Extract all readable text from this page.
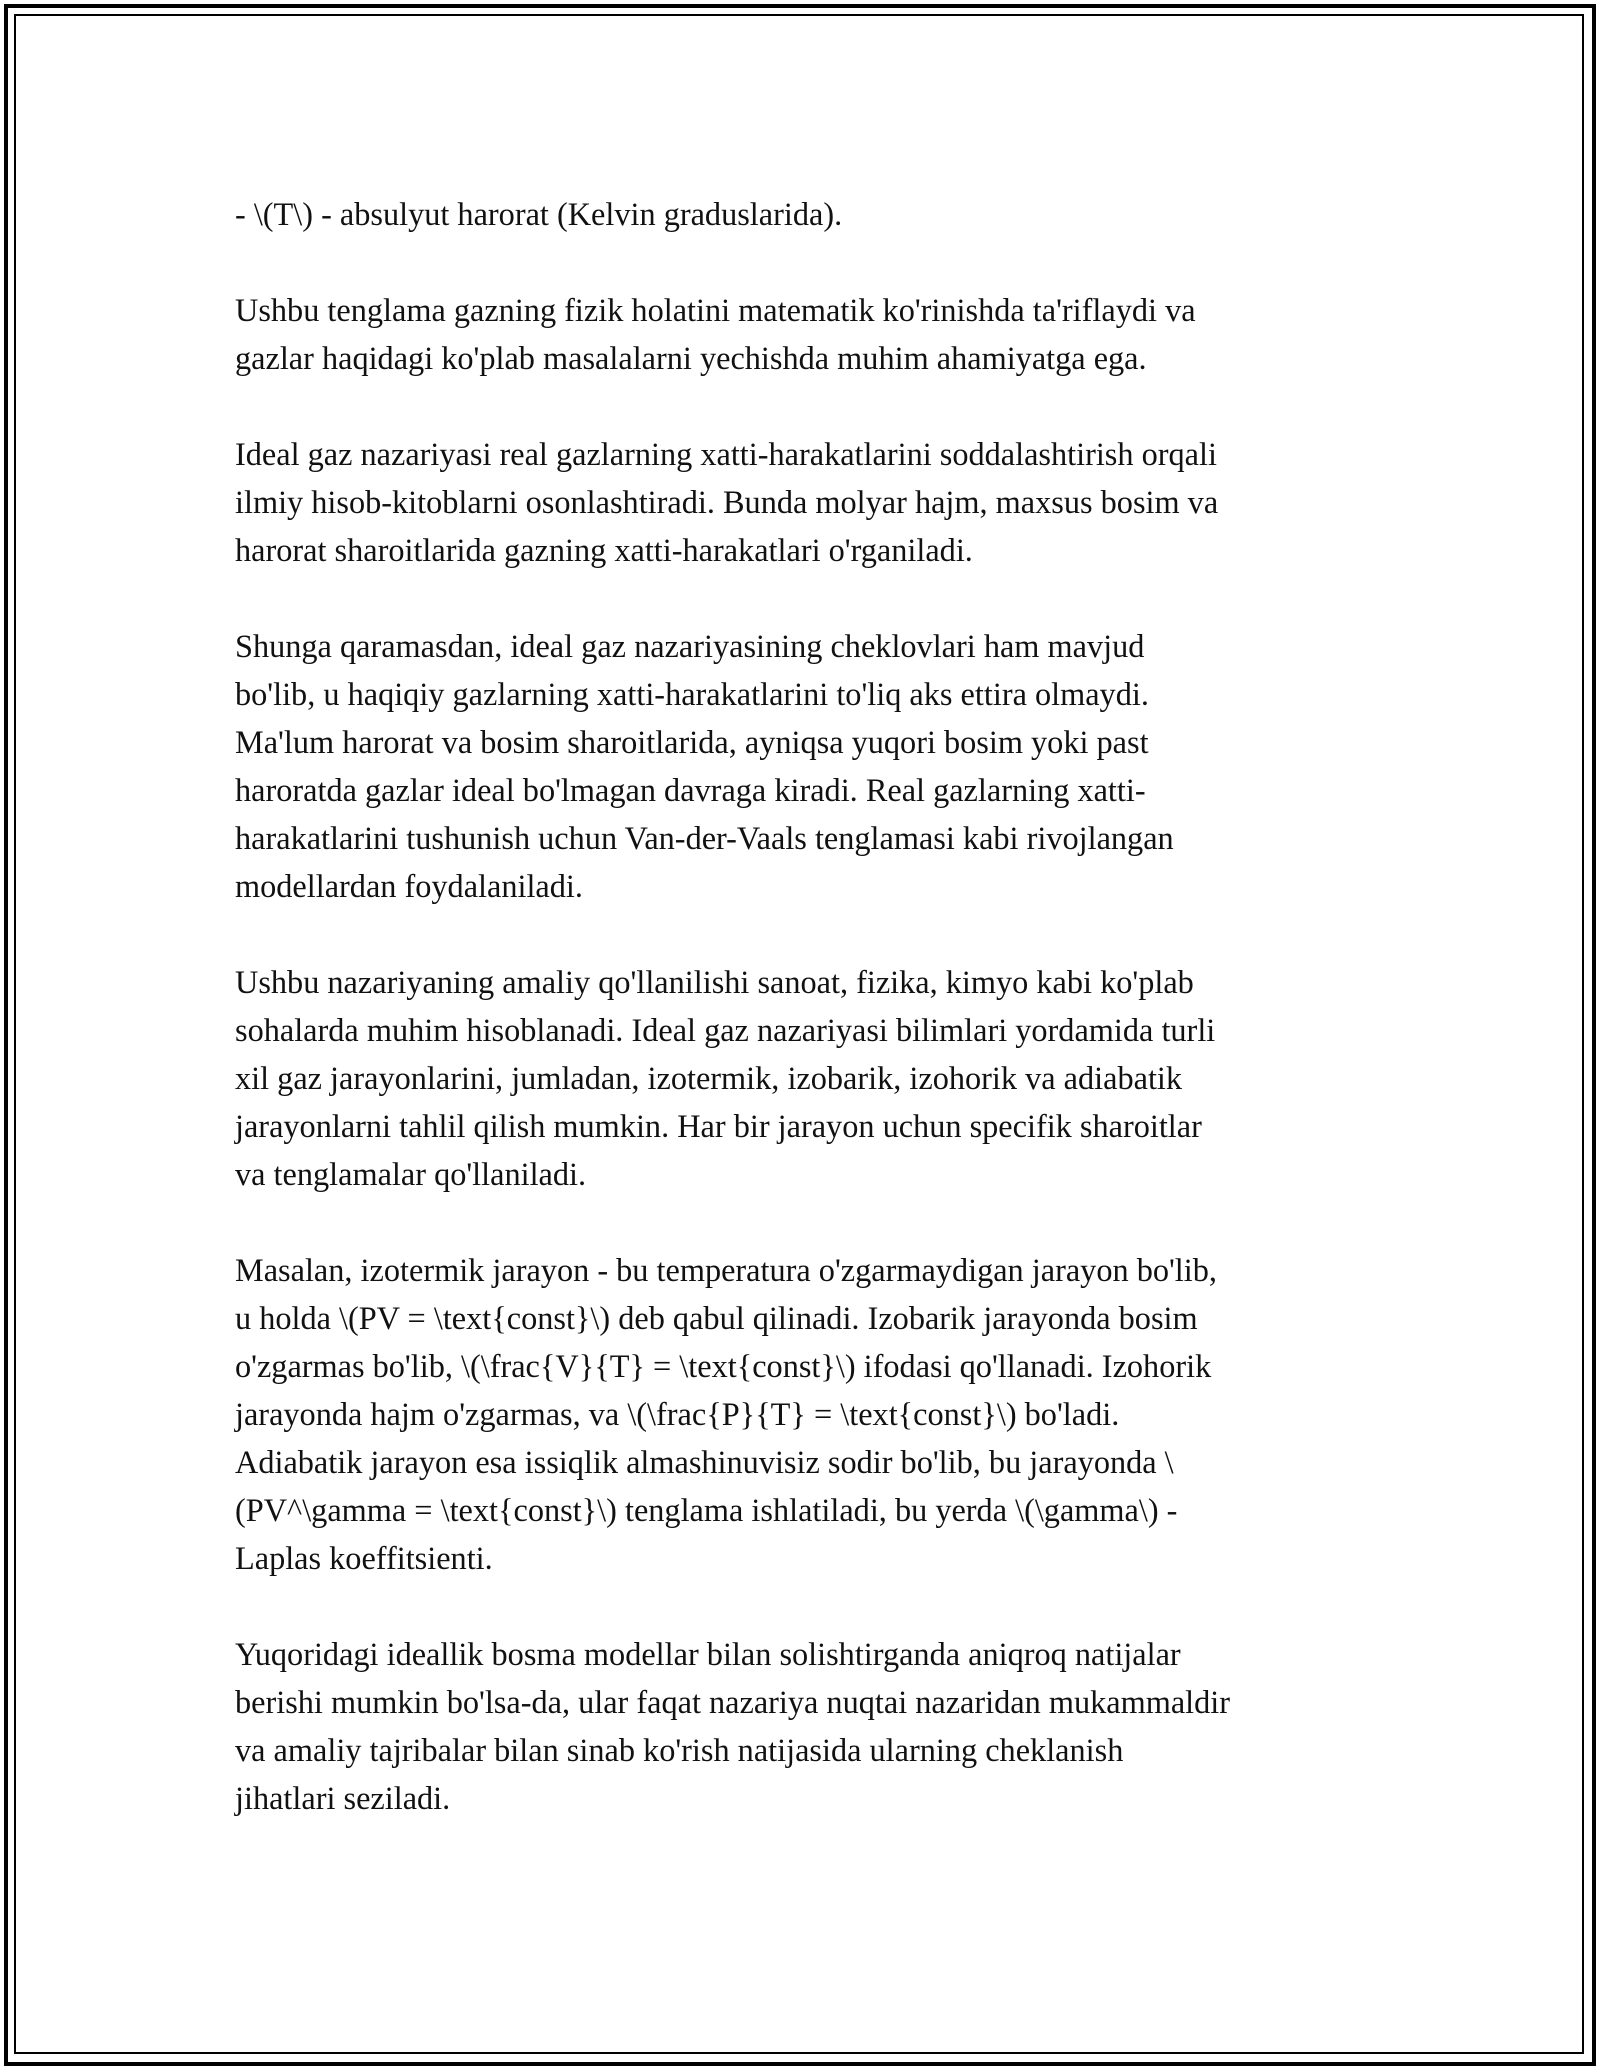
- \(T\) - absulyut harorat (Kelvin graduslarida).

Ushbu tenglama gazning fizik holatini matematik ko'rinishda ta'riflaydi va
gazlar haqidagi ko'plab masalalarni yechishda muhim ahamiyatga ega.

Ideal gaz nazariyasi real gazlarning xatti-harakatlarini soddalashtirish orqali
ilmiy hisob-kitoblarni osonlashtiradi. Bunda molyar hajm, maxsus bosim va
harorat sharoitlarida gazning xatti-harakatlari o'rganiladi.

Shunga qaramasdan, ideal gaz nazariyasining cheklovlari ham mavjud
bo'lib, u haqiqiy gazlarning xatti-harakatlarini to'liq aks ettira olmaydi.
Ma'lum harorat va bosim sharoitlarida, ayniqsa yuqori bosim yoki past
haroratda gazlar ideal bo'lmagan davraga kiradi. Real gazlarning xatti-
harakatlarini tushunish uchun Van-der-Vaals tenglamasi kabi rivojlangan
modellardan foydalaniladi.

Ushbu nazariyaning amaliy qo'llanilishi sanoat, fizika, kimyo kabi ko'plab
sohalarda muhim hisoblanadi. Ideal gaz nazariyasi bilimlari yordamida turli
xil gaz jarayonlarini, jumladan, izotermik, izobarik, izohorik va adiabatik
jarayonlarni tahlil qilish mumkin. Har bir jarayon uchun specifik sharoitlar
va tenglamalar qo'llaniladi.

Masalan, izotermik jarayon - bu temperatura o'zgarmaydigan jarayon bo'lib,
u holda \(PV = \text{const}\) deb qabul qilinadi. Izobarik jarayonda bosim
o'zgarmas bo'lib, \(\frac{V}{T} = \text{const}\) ifodasi qo'llanadi. Izohorik
jarayonda hajm o'zgarmas, va \(\frac{P}{T} = \text{const}\) bo'ladi.
Adiabatik jarayon esa issiqlik almashinuvisiz sodir bo'lib, bu jarayonda \
(PV^\gamma = \text{const}\) tenglama ishlatiladi, bu yerda \(\gamma\) -
Laplas koeffitsienti.

Yuqoridagi ideallik bosma modellar bilan solishtirganda aniqroq natijalar
berishi mumkin bo'lsa-da, ular faqat nazariya nuqtai nazaridan mukammaldir
va amaliy tajribalar bilan sinab ko'rish natijasida ularning cheklanish
jihatlari seziladi.
